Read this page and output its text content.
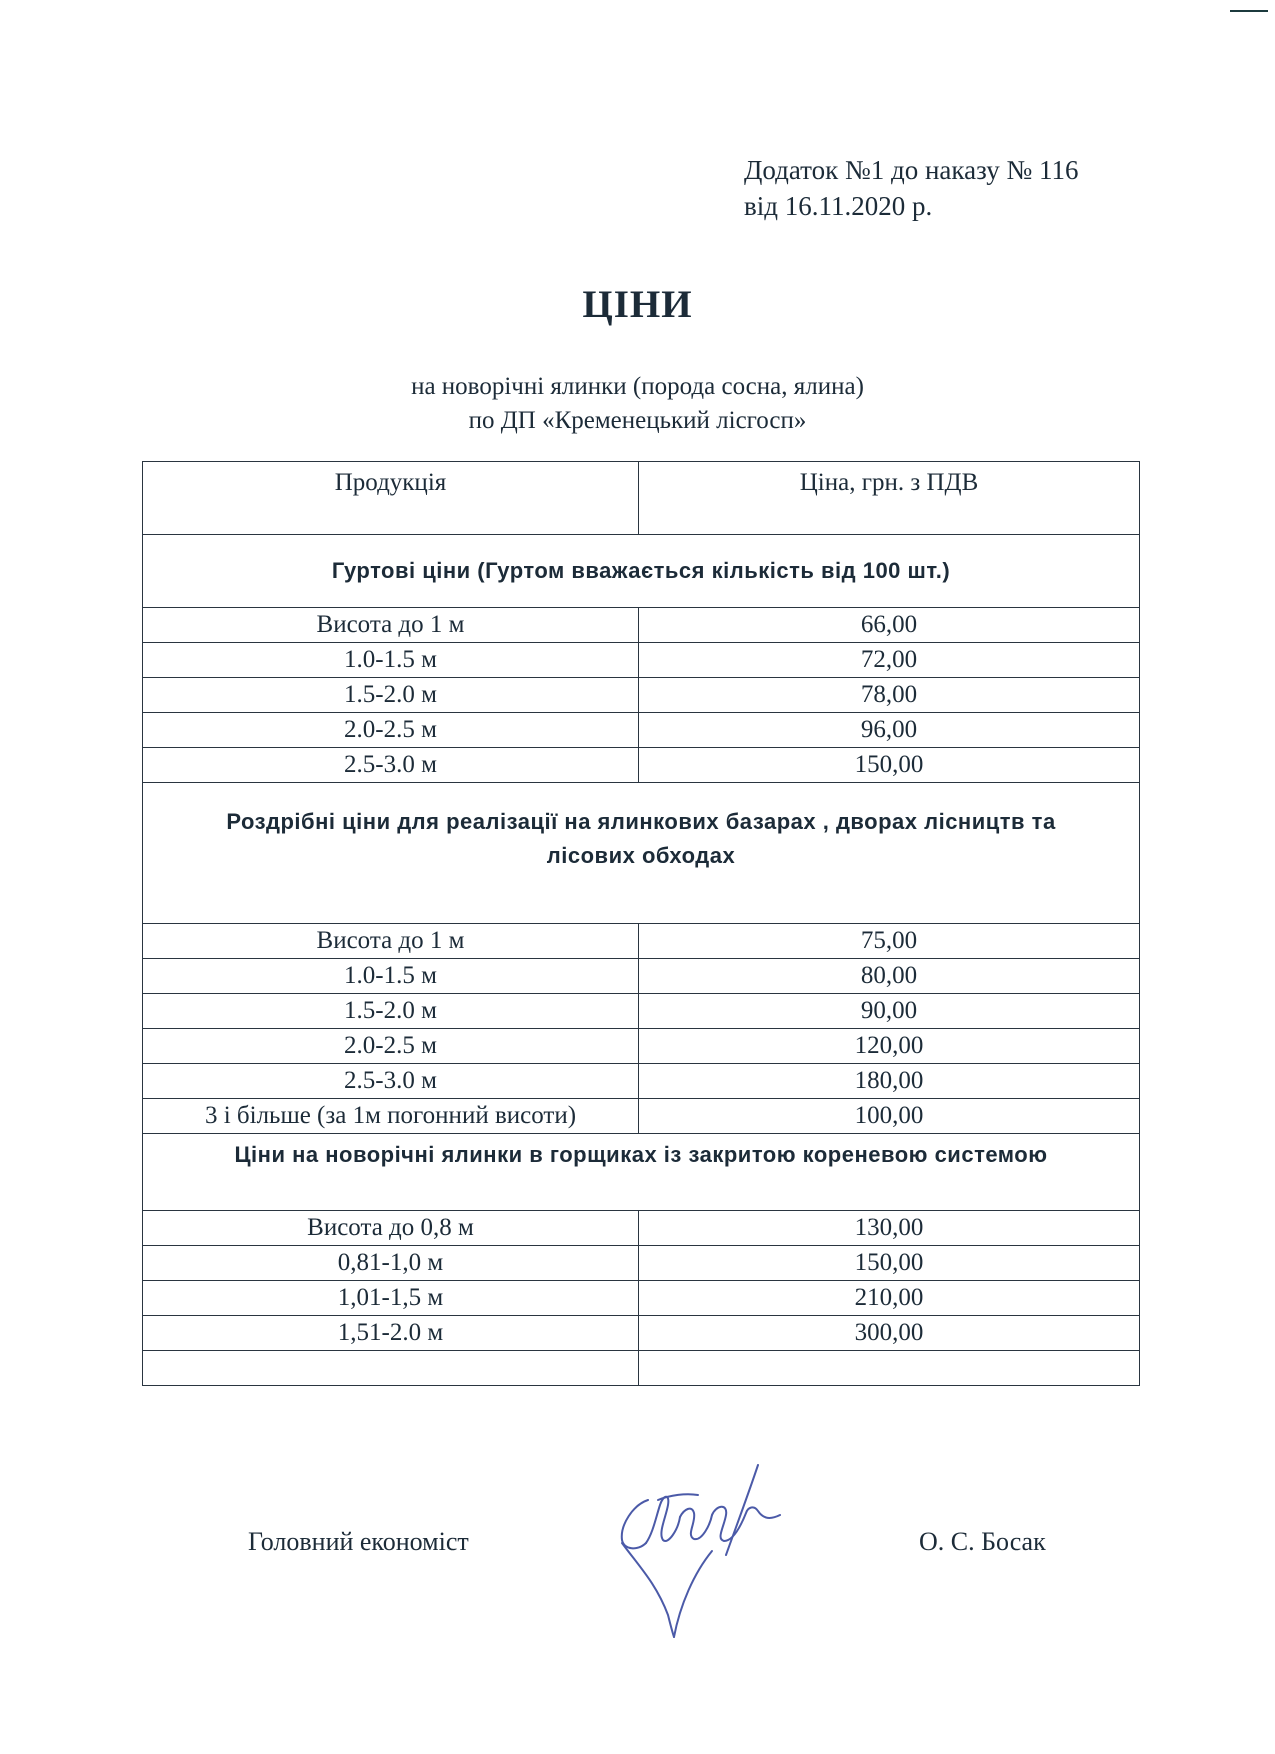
Додаток №1 до наказу № 116
від 16.11.2020 р.
ЦІНИ
на новорічні ялинки (порода сосна, ялина)
по ДП «Кременецький лісгосп»
Продукція	Ціна, грн. з ПДВ
Гуртові ціни (Гуртом вважається кількість від 100 шт.)	
Висота до 1 м	66,00
1.0-1.5 м	72,00
1.5-2.0 м	78,00
2.0-2.5 м	96,00
2.5-3.0 м	150,00

Роздрібні ціни для реалізації на ялинкових базарах , дворах лісництв та
лісових обходах	

Висота до 1 м	75,00
1.0-1.5 м	80,00
1.5-2.0 м	90,00
2.0-2.5 м	120,00
2.5-3.0 м	180,00
3 і більше (за 1м погонний висоти)	100,00
Ціни на новорічні ялинки в горщиках із закритою кореневою системою	
Висота до 0,8 м	130,00
0,81-1,0 м	150,00
1,01-1,5 м	210,00
1,51-2.0 м	300,00

Головний економіст	О. С. Босак
